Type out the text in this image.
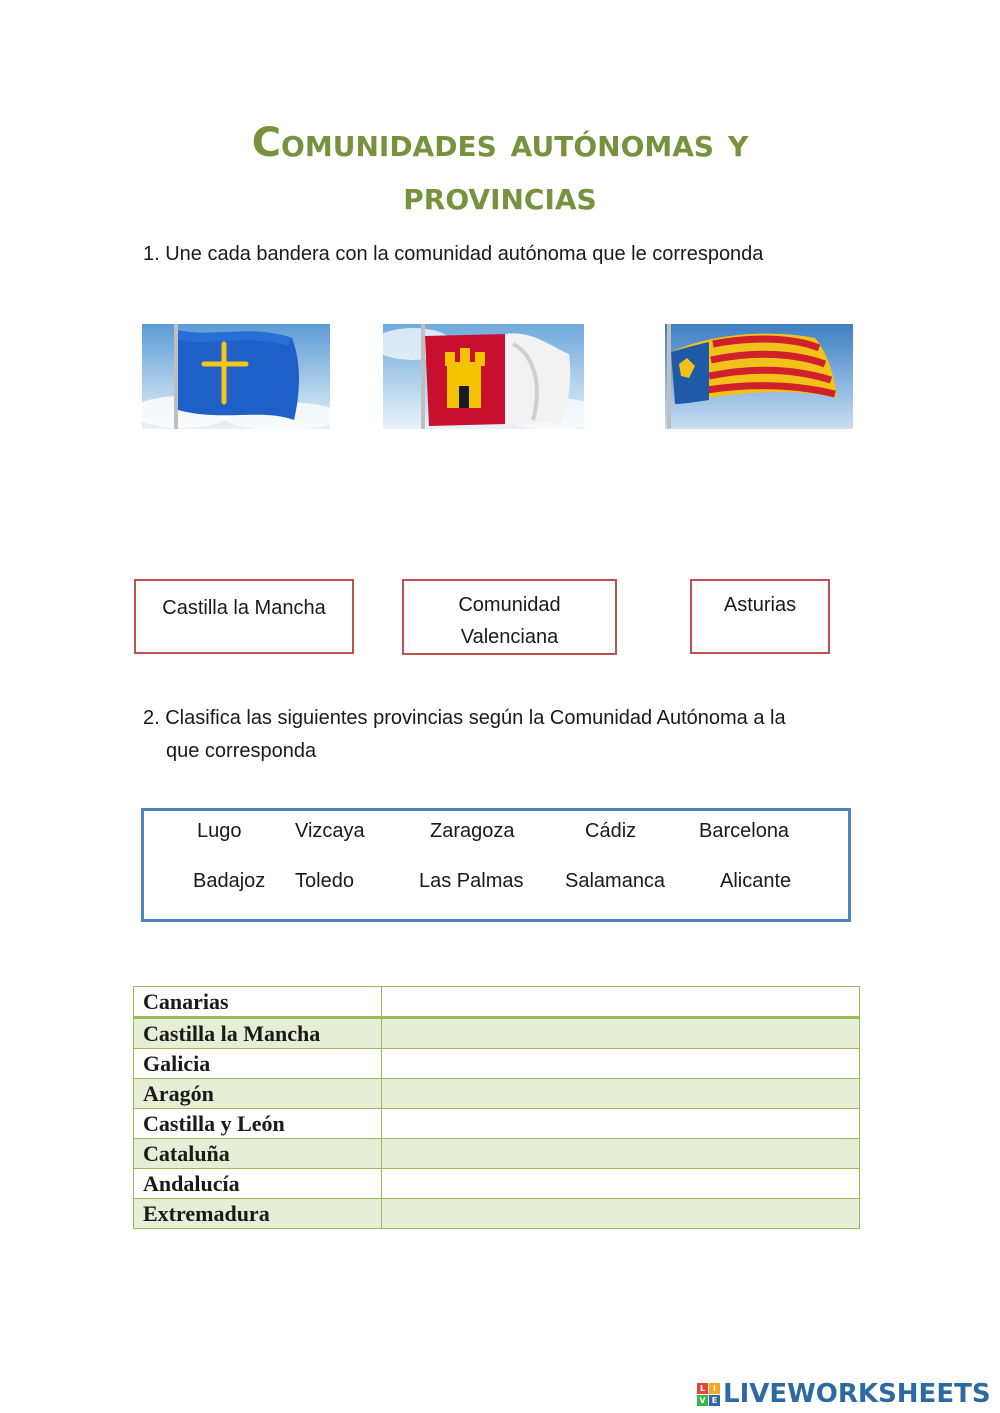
Comunidades autónomas y
provincias
1. Une cada bandera con la comunidad autónoma que le corresponda
Castilla la Mancha	Comunidad
Valenciana
Asturias
2. Clasifica las siguientes provincias según la Comunidad Autónoma a la
que corresponda
Lugo	Vizcaya	Zaragoza	Cádiz	Barcelona
Badajoz Toledo	Las Palmas Salamanca	Alicante
Canarias	
Castilla la Mancha	
Galicia	
Aragón	
Castilla y León	
Cataluña	
Andalucía	
Extremadura	
L	i
V E LIVEWORKSHEETS
